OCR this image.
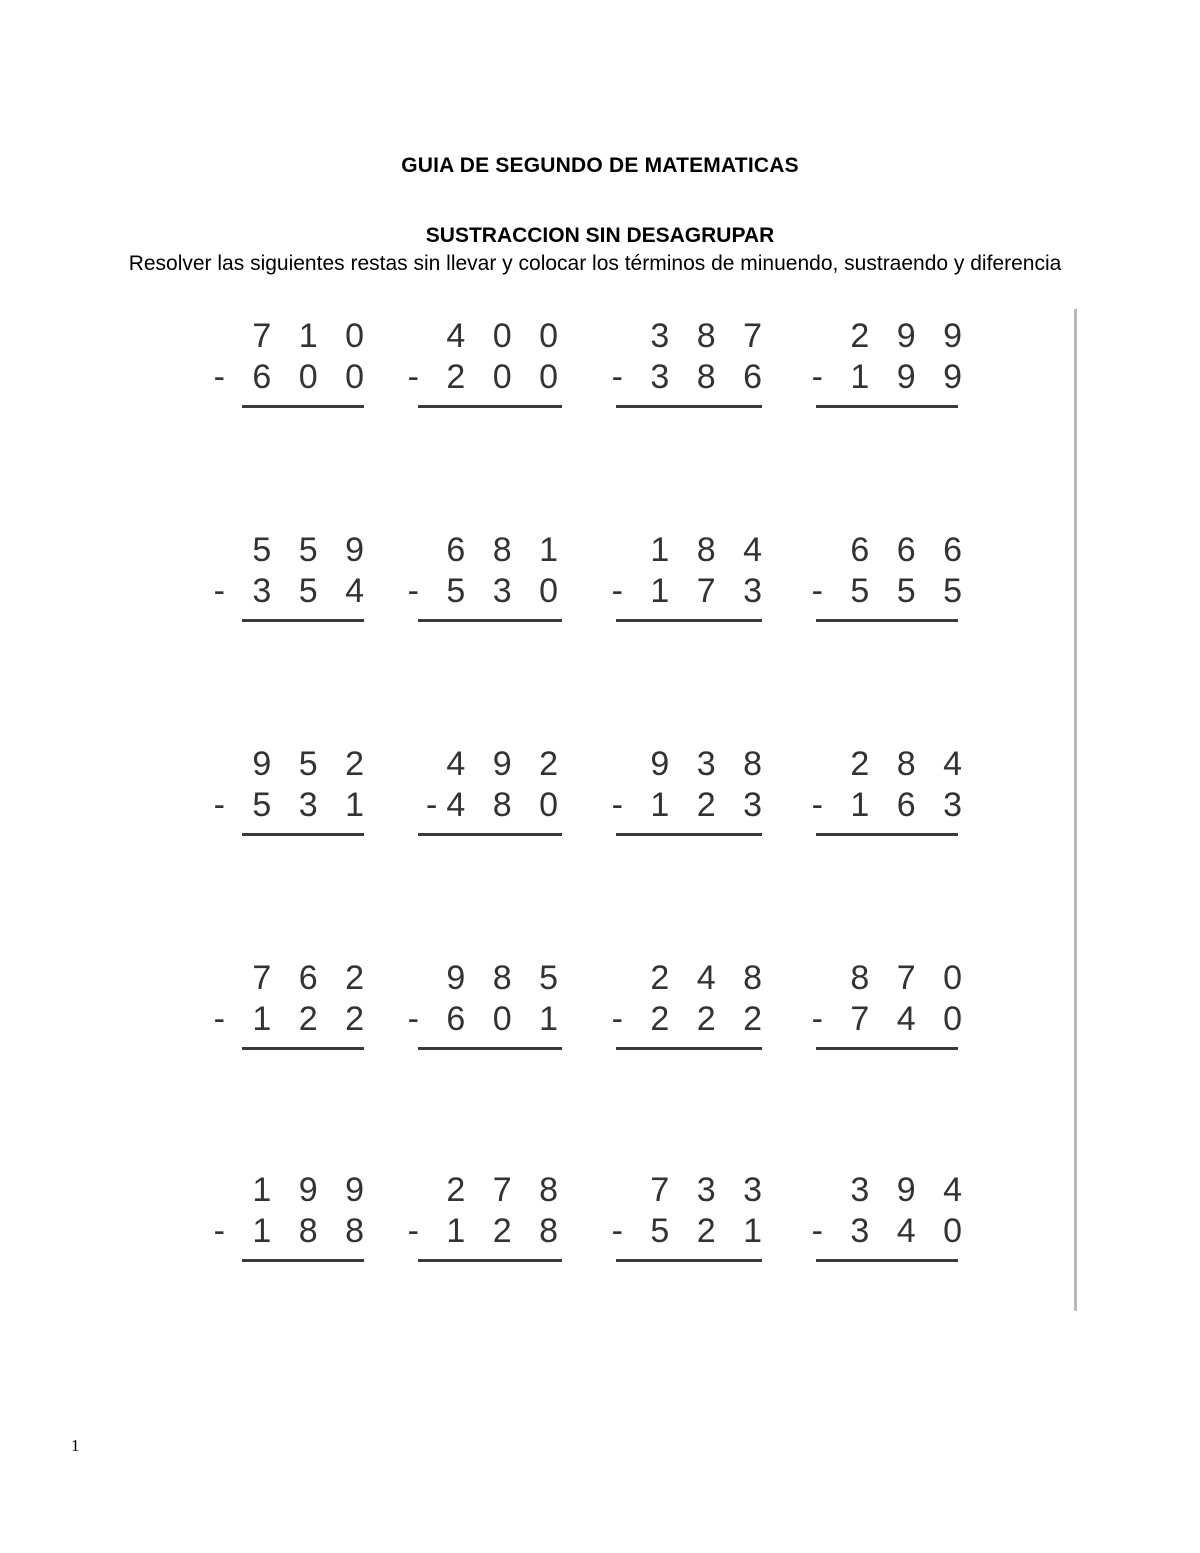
GUIA DE SEGUNDO DE MATEMATICAS
SUSTRACCION SIN DESAGRUPAR
Resolver las siguientes restas sin llevar y colocar los términos de minuendo, sustraendo y diferencia
7 1 0
- 6 0 0
4 0 0
- 2 0 0
3 8 7
- 3 8 6
2 9 9
- 1 9 9
5 5 9
- 3 5 4
6 8 1
- 5 3 0
1 8 4
- 1 7 3
6 6 6
- 5 5 5
9 5 2
- 5 3 1
4 9 2
-4 8 0
9 3 8
- 1 2 3
2 8 4
- 1 6 3
7 6 2
- 1 2 2
9 8 5
- 6 0 1
2 4 8
- 2 2 2
8 7 0
- 7 4 0
1 9 9
- 1 8 8
2 7 8
- 1 2 8
7 3 3
- 5 2 1
3 9 4
- 3 4 0
1
